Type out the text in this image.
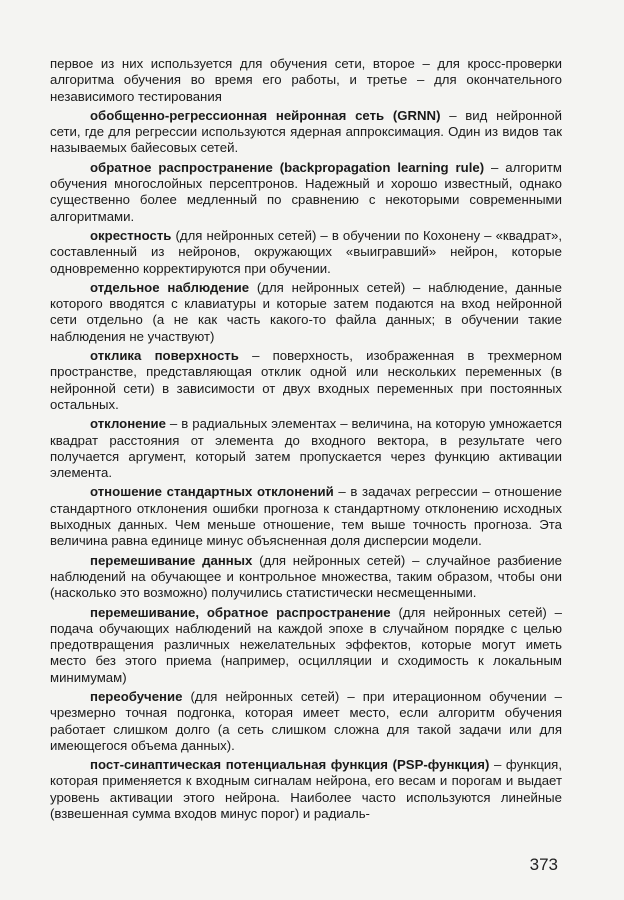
первое из них используется для обучения сети, второе – для кросс-проверки алгоритма обучения во время его работы, и третье – для окончательного независимого тестирования

обобщенно-регрессионная нейронная сеть (GRNN) – вид нейронной сети, где для регрессии используются ядерная аппроксимация. Один из видов так называемых байесовых сетей.

обратное распространение (backpropagation learning rule) – алгоритм обучения многослойных персептронов. Надежный и хорошо известный, однако существенно более медленный по сравнению с некоторыми современными алгоритмами.

окрестность (для нейронных сетей) – в обучении по Кохонену – «квадрат», составленный из нейронов, окружающих «выигравший» нейрон, которые одновременно корректируются при обучении.

отдельное наблюдение (для нейронных сетей) – наблюдение, данные которого вводятся с клавиатуры и которые затем подаются на вход нейронной сети отдельно (а не как часть какого-то файла данных; в обучении такие наблюдения не участвуют)

отклика поверхность – поверхность, изображенная в трехмерном пространстве, представляющая отклик одной или нескольких переменных (в нейронной сети) в зависимости от двух входных переменных при постоянных остальных.

отклонение – в радиальных элементах – величина, на которую умножается квадрат расстояния от элемента до входного вектора, в результате чего получается аргумент, который затем пропускается через функцию активации элемента.

отношение стандартных отклонений – в задачах регрессии – отношение стандартного отклонения ошибки прогноза к стандартному отклонению исходных выходных данных. Чем меньше отношение, тем выше точность прогноза. Эта величина равна единице минус объясненная доля дисперсии модели.

перемешивание данных (для нейронных сетей) – случайное разбиение наблюдений на обучающее и контрольное множества, таким образом, чтобы они (насколько это возможно) получились статистически несмещенными.

перемешивание, обратное распространение (для нейронных сетей) – подача обучающих наблюдений на каждой эпохе в случайном порядке с целью предотвращения различных нежелательных эффектов, которые могут иметь место без этого приема (например, осцилляции и сходимость к локальным минимумам)

переобучение (для нейронных сетей) – при итерационном обучении – чрезмерно точная подгонка, которая имеет место, если алгоритм обучения работает слишком долго (а сеть слишком сложна для такой задачи или для имеющегося объема данных).

пост-синаптическая потенциальная функция (PSP-функция) – функция, которая применяется к входным сигналам нейрона, его весам и порогам и выдает уровень активации этого нейрона. Наиболее часто используются линейные (взвешенная сумма входов минус порог) и радиаль-

373
